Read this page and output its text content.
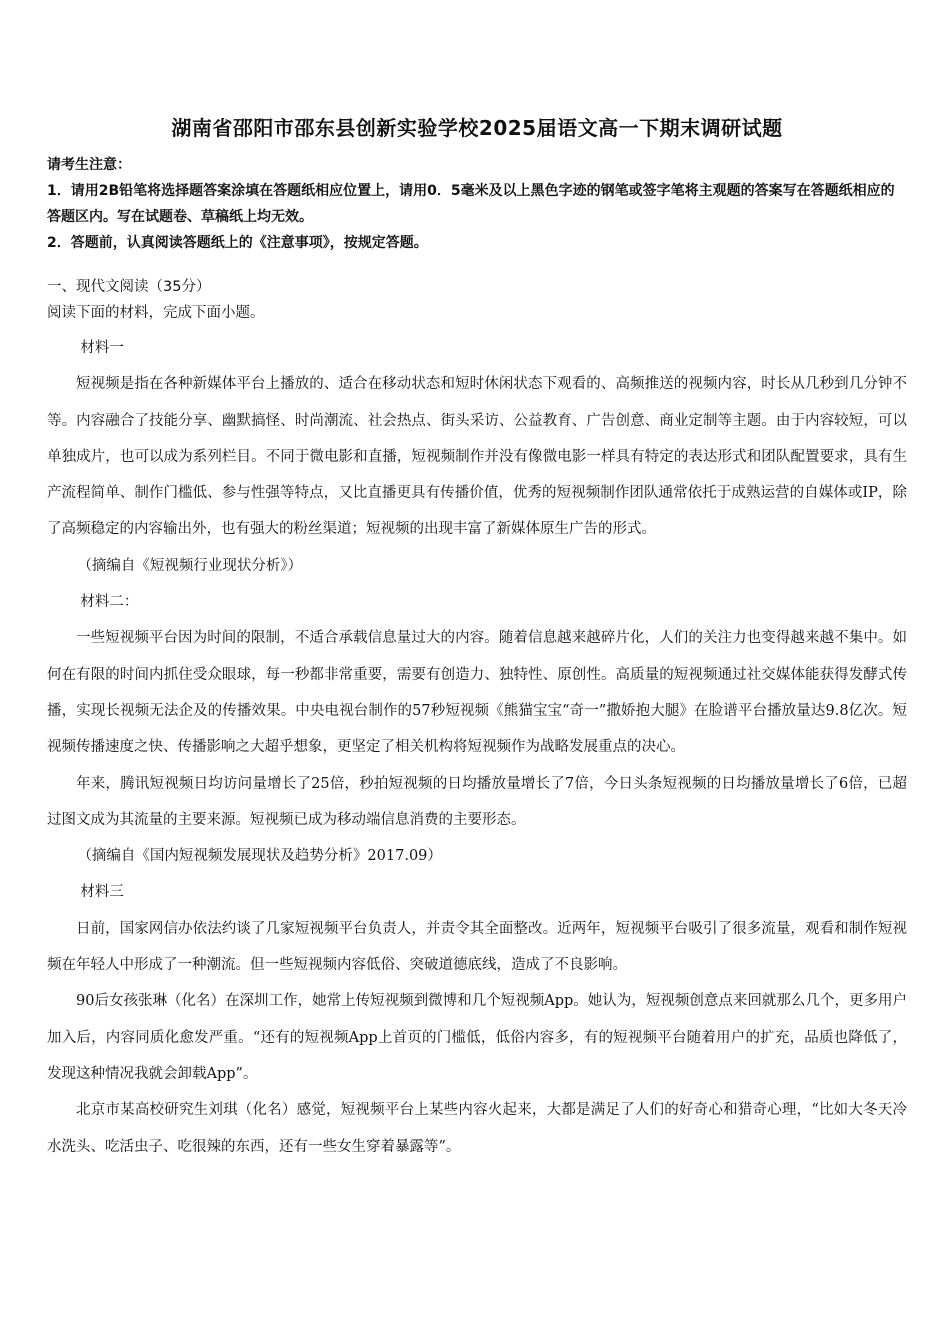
湖南省邵阳市邵东县创新实验学校2025届语文高一下期末调研试题

请考生注意：

1．请用2B铅笔将选择题答案涂填在答题纸相应位置上，请用0．5毫米及以上黑色字迹的钢笔或签字笔将主观题的答案写在答题纸相应的答题区内。写在试题卷、草稿纸上均无效。

2．答题前，认真阅读答题纸上的《注意事项》，按规定答题。

一、现代文阅读（35分）

阅读下面的材料，完成下面小题。

材料一

短视频是指在各种新媒体平台上播放的、适合在移动状态和短时休闲状态下观看的、高频推送的视频内容，时长从几秒到几分钟不等。内容融合了技能分享、幽默搞怪、时尚潮流、社会热点、街头采访、公益教育、广告创意、商业定制等主题。由于内容较短，可以单独成片，也可以成为系列栏目。不同于微电影和直播，短视频制作并没有像微电影一样具有特定的表达形式和团队配置要求，具有生产流程简单、制作门槛低、参与性强等特点，又比直播更具有传播价值，优秀的短视频制作团队通常依托于成熟运营的自媒体或IP，除了高频稳定的内容输出外，也有强大的粉丝渠道；短视频的出现丰富了新媒体原生广告的形式。

（摘编自《短视频行业现状分析》）

材料二：

一些短视频平台因为时间的限制，不适合承载信息量过大的内容。随着信息越来越碎片化，人们的关注力也变得越来越不集中。如何在有限的时间内抓住受众眼球，每一秒都非常重要，需要有创造力、独特性、原创性。高质量的短视频通过社交媒体能获得发酵式传播，实现长视频无法企及的传播效果。中央电视台制作的57秒短视频《熊猫宝宝“奇一”撒娇抱大腿》在脸谱平台播放量达9.8亿次。短视频传播速度之快、传播影响之大超乎想象，更坚定了相关机构将短视频作为战略发展重点的决心。

年来，腾讯短视频日均访问量增长了25倍，秒拍短视频的日均播放量增长了7倍，今日头条短视频的日均播放量增长了6倍，已超过图文成为其流量的主要来源。短视频已成为移动端信息消费的主要形态。

（摘编自《国内短视频发展现状及趋势分析》2017.09）

材料三

日前，国家网信办依法约谈了几家短视频平台负责人，并责令其全面整改。近两年，短视频平台吸引了很多流量，观看和制作短视频在年轻人中形成了一种潮流。但一些短视频内容低俗、突破道德底线，造成了不良影响。

90后女孩张琳（化名）在深圳工作，她常上传短视频到微博和几个短视频App。她认为，短视频创意点来回就那么几个，更多用户加入后，内容同质化愈发严重。“还有的短视频App上首页的门槛低，低俗内容多，有的短视频平台随着用户的扩充，品质也降低了，发现这种情况我就会卸载App”。

北京市某高校研究生刘琪（化名）感觉，短视频平台上某些内容火起来，大都是满足了人们的好奇心和猎奇心理，“比如大冬天冷水洗头、吃活虫子、吃很辣的东西，还有一些女生穿着暴露等”。
